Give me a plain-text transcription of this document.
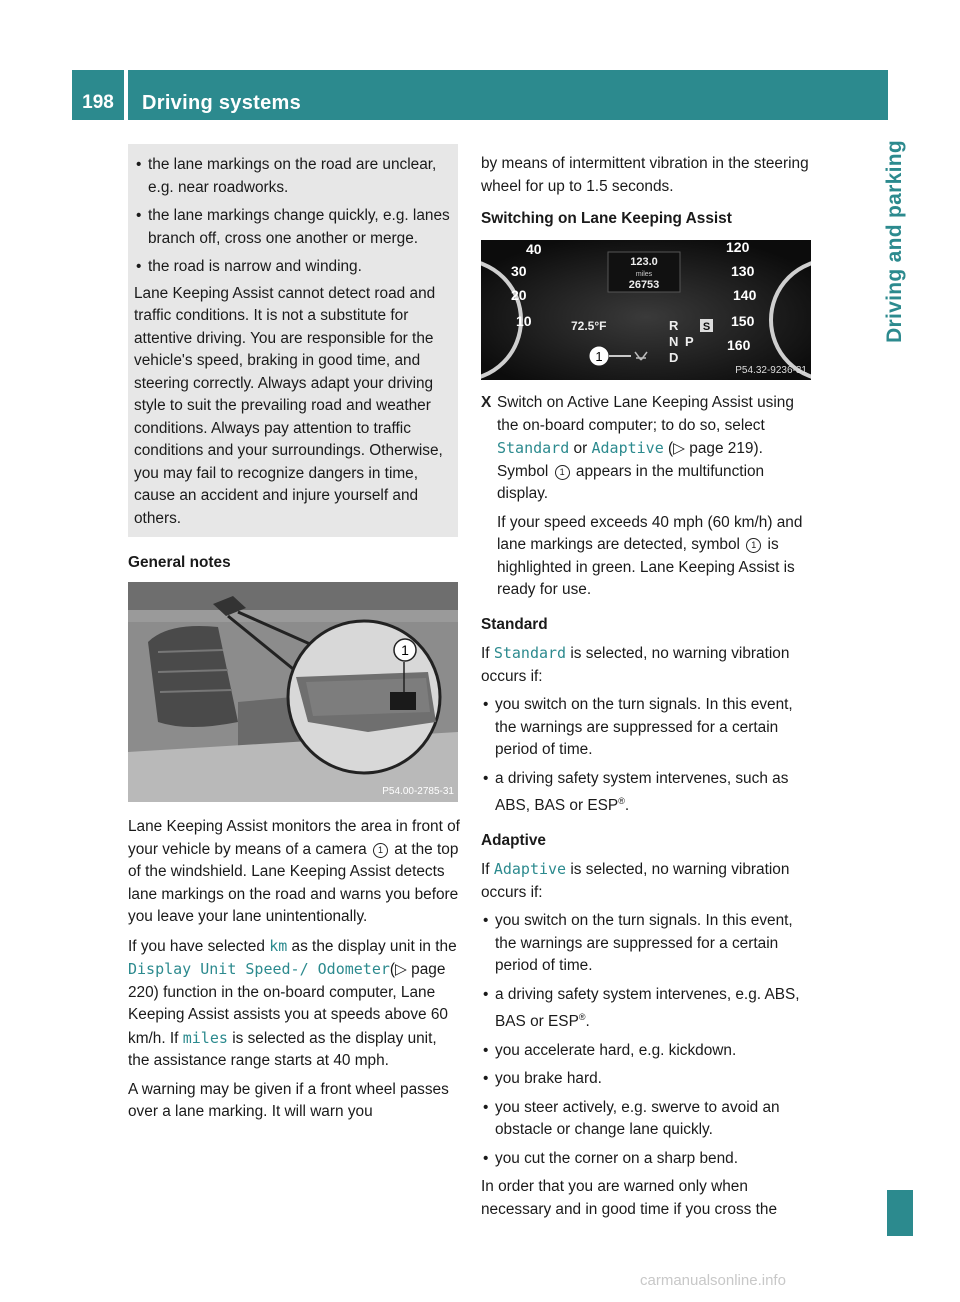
198	Driving systems
Driving and parking
• the lane markings on the road are unclear, e.g. near roadworks.
• the lane markings change quickly, e.g. lanes branch off, cross one another or merge.
• the road is narrow and winding.

Lane Keeping Assist cannot detect road and traffic conditions. It is not a substitute for attentive driving. You are responsible for the vehicle's speed, braking in good time, and steering correctly. Always adapt your driving style to suit the prevailing road and weather conditions. Always pay attention to traffic conditions and your surroundings. Otherwise, you may fail to recognize dangers in time, cause an accident and injure yourself and others.

General notes
1
P54.00-2785-31

Lane Keeping Assist monitors the area in front of your vehicle by means of a camera 1 at the top of the windshield. Lane Keeping Assist detects lane markings on the road and warns you before you leave your lane unintentionally.

If you have selected km as the display unit in the Display Unit Speed-/ Odometer(▷ page 220) function in the on-board computer, Lane Keeping Assist assists you at speeds above 60 km/h. If miles is selected as the display unit, the assistance range starts at 40 mph.

A warning may be given if a front wheel passes over a lane marking. It will warn you

by means of intermittent vibration in the steering wheel for up to 1.5 seconds.

Switching on Lane Keeping Assist
123.0
miles
26753
40
30
20
10
120
130
140
150
160
72.5°F	R
N P
D
S
1
P54.32-9236-31
X Switch on Active Lane Keeping Assist using the on-board computer; to do so, select Standard or Adaptive (▷ page 219). Symbol 1 appears in the multifunction display.

If your speed exceeds 40 mph (60 km/h) and lane markings are detected, symbol 1 is highlighted in green. Lane Keeping Assist is ready for use.

Standard

If Standard is selected, no warning vibration occurs if:

• you switch on the turn signals. In this event, the warnings are suppressed for a certain period of time.
• a driving safety system intervenes, such as ABS, BAS or ESP®.
Adaptive

If Adaptive is selected, no warning vibration occurs if:

• you switch on the turn signals. In this event, the warnings are suppressed for a certain period of time.
• a driving safety system intervenes, e.g. ABS, BAS or ESP®.
• you accelerate hard, e.g. kickdown.
• you brake hard.
• you steer actively, e.g. swerve to avoid an obstacle or change lane quickly.
• you cut the corner on a sharp bend.

In order that you are warned only when necessary and in good time if you cross the

carmanualsonline.info
